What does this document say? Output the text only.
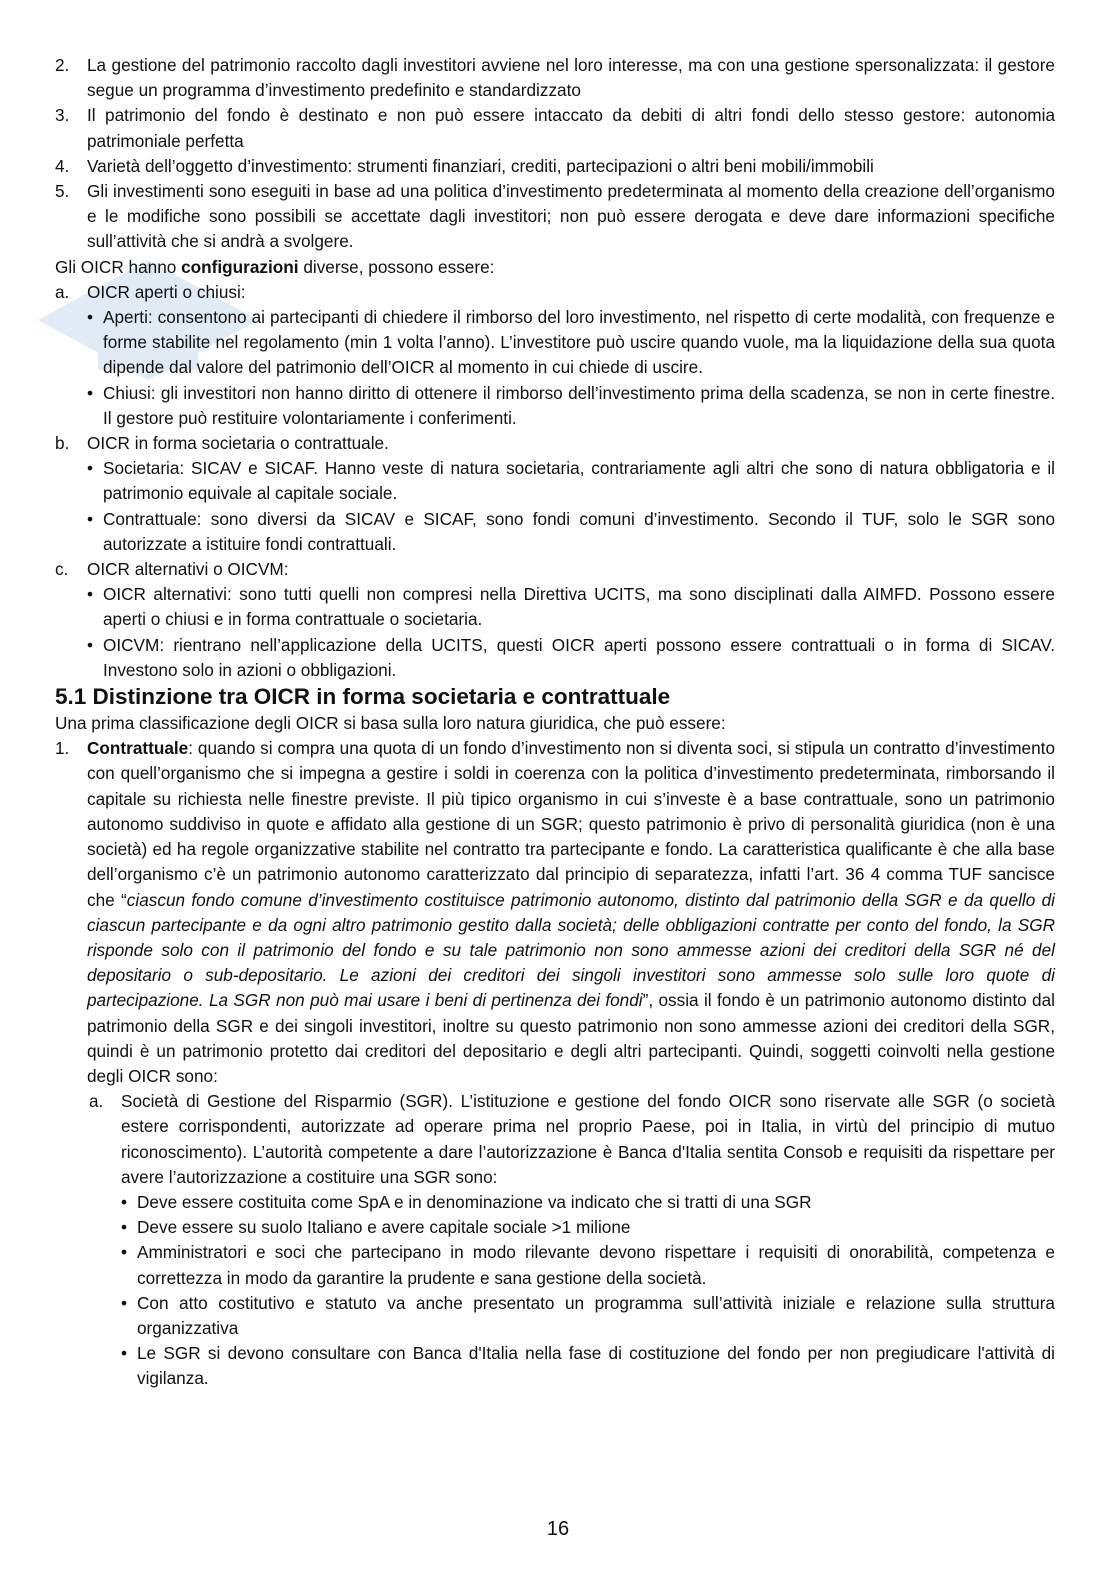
2. La gestione del patrimonio raccolto dagli investitori avviene nel loro interesse, ma con una gestione spersonalizzata: il gestore segue un programma d’investimento predefinito e standardizzato
3. Il patrimonio del fondo è destinato e non può essere intaccato da debiti di altri fondi dello stesso gestore: autonomia patrimoniale perfetta
4. Varietà dell’oggetto d’investimento: strumenti finanziari, crediti, partecipazioni o altri beni mobili/immobili
5. Gli investimenti sono eseguiti in base ad una politica d’investimento predeterminata al momento della creazione dell’organismo e le modifiche sono possibili se accettate dagli investitori; non può essere derogata e deve dare informazioni specifiche sull’attività che si andrà a svolgere.

Gli OICR hanno configurazioni diverse, possono essere:

a. OICR aperti o chiusi:
• Aperti: consentono ai partecipanti di chiedere il rimborso del loro investimento, nel rispetto di certe modalità, con frequenze e forme stabilite nel regolamento (min 1 volta l’anno). L’investitore può uscire quando vuole, ma la liquidazione della sua quota dipende dal valore del patrimonio dell’OICR al momento in cui chiede di uscire.
• Chiusi: gli investitori non hanno diritto di ottenere il rimborso dell’investimento prima della scadenza, se non in certe finestre. Il gestore può restituire volontariamente i conferimenti.
b. OICR in forma societaria o contrattuale.
• Societaria: SICAV e SICAF. Hanno veste di natura societaria, contrariamente agli altri che sono di natura obbligatoria e il patrimonio equivale al capitale sociale.
• Contrattuale: sono diversi da SICAV e SICAF, sono fondi comuni d’investimento. Secondo il TUF, solo le SGR sono autorizzate a istituire fondi contrattuali.
c. OICR alternativi o OICVM:
• OICR alternativi: sono tutti quelli non compresi nella Direttiva UCITS, ma sono disciplinati dalla AIMFD. Possono essere aperti o chiusi e in forma contrattuale o societaria.
• OICVM: rientrano nell’applicazione della UCITS, questi OICR aperti possono essere contrattuali o in forma di SICAV. Investono solo in azioni o obbligazioni.
5.1 Distinzione tra OICR in forma societaria e contrattuale

Una prima classificazione degli OICR si basa sulla loro natura giuridica, che può essere:

1. Contrattuale: quando si compra una quota di un fondo d’investimento non si diventa soci, si stipula un contratto d’investimento con quell’organismo che si impegna a gestire i soldi in coerenza con la politica d’investimento predeterminata, rimborsando il capitale su richiesta nelle finestre previste. Il più tipico organismo in cui s’investe è a base contrattuale, sono un patrimonio autonomo suddiviso in quote e affidato alla gestione di un SGR; questo patrimonio è privo di personalità giuridica (non è una società) ed ha regole organizzative stabilite nel contratto tra partecipante e fondo. La caratteristica qualificante è che alla base dell’organismo c’è un patrimonio autonomo caratterizzato dal principio di separatezza, infatti l’art. 36 4 comma TUF sancisce che “ciascun fondo comune d’investimento costituisce patrimonio autonomo, distinto dal patrimonio della SGR e da quello di ciascun partecipante e da ogni altro patrimonio gestito dalla società; delle obbligazioni contratte per conto del fondo, la SGR risponde solo con il patrimonio del fondo e su tale patrimonio non sono ammesse azioni dei creditori della SGR né del depositario o sub-depositario. Le azioni dei creditori dei singoli investitori sono ammesse solo sulle loro quote di partecipazione. La SGR non può mai usare i beni di pertinenza dei fondi”, ossia il fondo è un patrimonio autonomo distinto dal patrimonio della SGR e dei singoli investitori, inoltre su questo patrimonio non sono ammesse azioni dei creditori della SGR, quindi è un patrimonio protetto dai creditori del depositario e degli altri partecipanti. Quindi, soggetti coinvolti nella gestione degli OICR sono:
a. Società di Gestione del Risparmio (SGR). L’istituzione e gestione del fondo OICR sono riservate alle SGR (o società estere corrispondenti, autorizzate ad operare prima nel proprio Paese, poi in Italia, in virtù del principio di mutuo riconoscimento). L’autorità competente a dare l’autorizzazione è Banca d'Italia sentita Consob e requisiti da rispettare per avere l’autorizzazione a costituire una SGR sono:
• Deve essere costituita come SpA e in denominazione va indicato che si tratti di una SGR
• Deve essere su suolo Italiano e avere capitale sociale >1 milione
• Amministratori e soci che partecipano in modo rilevante devono rispettare i requisiti di onorabilità, competenza e correttezza in modo da garantire la prudente e sana gestione della società.
• Con atto costitutivo e statuto va anche presentato un programma sull’attività iniziale e relazione sulla struttura organizzativa
• Le SGR si devono consultare con Banca d'Italia nella fase di costituzione del fondo per non pregiudicare l'attività di vigilanza.
16
